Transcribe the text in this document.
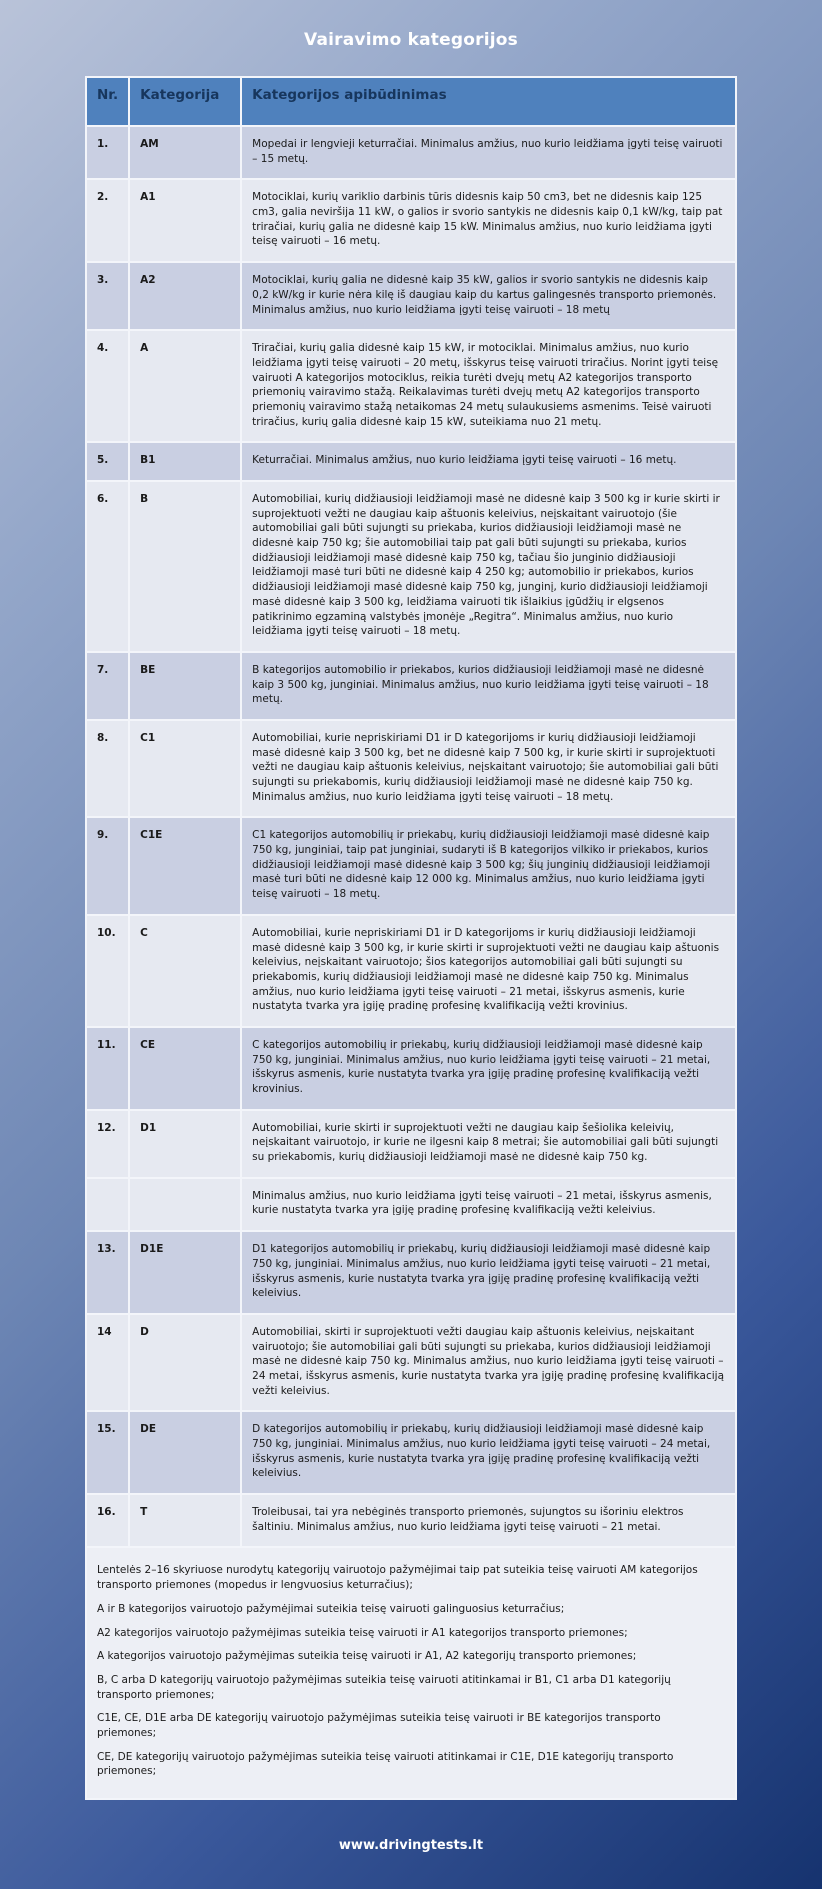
Vairavimo kategorijos
Nr.	Kategorija	Kategorijos apibūdinimas
1.	AM	Mopedai ir lengvieji keturračiai. Minimalus amžius, nuo kurio leidžiama įgyti teisę vairuoti – 15 metų.
2.	A1	Motociklai, kurių variklio darbinis tūris didesnis kaip 50 cm3, bet ne didesnis kaip 125 cm3, galia neviršija 11 kW, o galios ir svorio santykis ne didesnis kaip 0,1 kW/kg, taip pat triračiai, kurių galia ne didesnė kaip 15 kW. Minimalus amžius, nuo kurio leidžiama įgyti teisę vairuoti – 16 metų.
3.	A2	Motociklai, kurių galia ne didesnė kaip 35 kW, galios ir svorio santykis ne didesnis kaip 0,2 kW/kg ir kurie nėra kilę iš daugiau kaip du kartus galingesnės transporto priemonės. Minimalus amžius, nuo kurio leidžiama įgyti teisę vairuoti – 18 metų
4.	A	Triračiai, kurių galia didesnė kaip 15 kW, ir motociklai. Minimalus amžius, nuo kurio leidžiama įgyti teisę vairuoti – 20 metų, išskyrus teisę vairuoti triračius. Norint įgyti teisę vairuoti A kategorijos motociklus, reikia turėti dvejų metų A2 kategorijos transporto priemonių vairavimo stažą. Reikalavimas turėti dvejų metų A2 kategorijos transporto priemonių vairavimo stažą netaikomas 24 metų sulaukusiems asmenims. Teisė vairuoti triračius, kurių galia didesnė kaip 15 kW, suteikiama nuo 21 metų.
5.	B1	Keturračiai. Minimalus amžius, nuo kurio leidžiama įgyti teisę vairuoti – 16 metų.
6.	B	Automobiliai, kurių didžiausioji leidžiamoji masė ne didesnė kaip 3 500 kg ir kurie skirti ir suprojektuoti vežti ne daugiau kaip aštuonis keleivius, neįskaitant vairuotojo (šie automobiliai gali būti sujungti su priekaba, kurios didžiausioji leidžiamoji masė ne didesnė kaip 750 kg; šie automobiliai taip pat gali būti sujungti su priekaba, kurios didžiausioji leidžiamoji masė didesnė kaip 750 kg, tačiau šio junginio didžiausioji leidžiamoji masė turi būti ne didesnė kaip 4 250 kg; automobilio ir priekabos, kurios didžiausioji leidžiamoji masė didesnė kaip 750 kg, junginį, kurio didžiausioji leidžiamoji masė didesnė kaip 3 500 kg, leidžiama vairuoti tik išlaikius įgūdžių ir elgsenos patikrinimo egzaminą valstybės įmonėje „Regitra“. Minimalus amžius, nuo kurio leidžiama įgyti teisę vairuoti – 18 metų.
7.	BE	B kategorijos automobilio ir priekabos, kurios didžiausioji leidžiamoji masė ne didesnė kaip 3 500 kg, junginiai. Minimalus amžius, nuo kurio leidžiama įgyti teisę vairuoti – 18 metų.
8.	C1	Automobiliai, kurie nepriskiriami D1 ir D kategorijoms ir kurių didžiausioji leidžiamoji masė didesnė kaip 3 500 kg, bet ne didesnė kaip 7 500 kg, ir kurie skirti ir suprojektuoti vežti ne daugiau kaip aštuonis keleivius, neįskaitant vairuotojo; šie automobiliai gali būti sujungti su priekabomis, kurių didžiausioji leidžiamoji masė ne didesnė kaip 750 kg. Minimalus amžius, nuo kurio leidžiama įgyti teisę vairuoti – 18 metų.
9.	C1E	C1 kategorijos automobilių ir priekabų, kurių didžiausioji leidžiamoji masė didesnė kaip 750 kg, junginiai, taip pat junginiai, sudaryti iš B kategorijos vilkiko ir priekabos, kurios didžiausioji leidžiamoji masė didesnė kaip 3 500 kg; šių junginių didžiausioji leidžiamoji masė turi būti ne didesnė kaip 12 000 kg. Minimalus amžius, nuo kurio leidžiama įgyti teisę vairuoti – 18 metų.
10.	C	Automobiliai, kurie nepriskiriami D1 ir D kategorijoms ir kurių didžiausioji leidžiamoji masė didesnė kaip 3 500 kg, ir kurie skirti ir suprojektuoti vežti ne daugiau kaip aštuonis keleivius, neįskaitant vairuotojo; šios kategorijos automobiliai gali būti sujungti su priekabomis, kurių didžiausioji leidžiamoji masė ne didesnė kaip 750 kg. Minimalus amžius, nuo kurio leidžiama įgyti teisę vairuoti – 21 metai, išskyrus asmenis, kurie nustatyta tvarka yra įgiję pradinę profesinę kvalifikaciją vežti krovinius.
11.	CE	C kategorijos automobilių ir priekabų, kurių didžiausioji leidžiamoji masė didesnė kaip 750 kg, junginiai. Minimalus amžius, nuo kurio leidžiama įgyti teisę vairuoti – 21 metai, išskyrus asmenis, kurie nustatyta tvarka yra įgiję pradinę profesinę kvalifikaciją vežti krovinius.
12.	D1	Automobiliai, kurie skirti ir suprojektuoti vežti ne daugiau kaip šešiolika keleivių, neįskaitant vairuotojo, ir kurie ne ilgesni kaip 8 metrai; šie automobiliai gali būti sujungti su priekabomis, kurių didžiausioji leidžiamoji masė ne didesnė kaip 750 kg.
		Minimalus amžius, nuo kurio leidžiama įgyti teisę vairuoti – 21 metai, išskyrus asmenis, kurie nustatyta tvarka yra įgiję pradinę profesinę kvalifikaciją vežti keleivius.
13.	D1E	D1 kategorijos automobilių ir priekabų, kurių didžiausioji leidžiamoji masė didesnė kaip 750 kg, junginiai. Minimalus amžius, nuo kurio leidžiama įgyti teisę vairuoti – 21 metai, išskyrus asmenis, kurie nustatyta tvarka yra įgiję pradinę profesinę kvalifikaciją vežti keleivius.
14	D	Automobiliai, skirti ir suprojektuoti vežti daugiau kaip aštuonis keleivius, neįskaitant vairuotojo; šie automobiliai gali būti sujungti su priekaba, kurios didžiausioji leidžiamoji masė ne didesnė kaip 750 kg. Minimalus amžius, nuo kurio leidžiama įgyti teisę vairuoti – 24 metai, išskyrus asmenis, kurie nustatyta tvarka yra įgiję pradinę profesinę kvalifikaciją vežti keleivius.
15.	DE	D kategorijos automobilių ir priekabų, kurių didžiausioji leidžiamoji masė didesnė kaip 750 kg, junginiai. Minimalus amžius, nuo kurio leidžiama įgyti teisę vairuoti – 24 metai, išskyrus asmenis, kurie nustatyta tvarka yra įgiję pradinę profesinę kvalifikaciją vežti keleivius.
16.	T	Troleibusai, tai yra nebėginės transporto priemonės, sujungtos su išoriniu elektros šaltiniu. Minimalus amžius, nuo kurio leidžiama įgyti teisę vairuoti – 21 metai.

Lentelės 2–16 skyriuose nurodytų kategorijų vairuotojo pažymėjimai taip pat suteikia teisę vairuoti AM kategorijos transporto priemones (mopedus ir lengvuosius keturračius);

A ir B kategorijos vairuotojo pažymėjimai suteikia teisę vairuoti galinguosius keturračius;

A2 kategorijos vairuotojo pažymėjimas suteikia teisę vairuoti ir A1 kategorijos transporto priemones;

A kategorijos vairuotojo pažymėjimas suteikia teisę vairuoti ir A1, A2 kategorijų transporto priemones;

B, C arba D kategorijų vairuotojo pažymėjimas suteikia teisę vairuoti atitinkamai ir B1, C1 arba D1 kategorijų transporto priemones;

C1E, CE, D1E arba DE kategorijų vairuotojo pažymėjimas suteikia teisę vairuoti ir BE kategorijos transporto priemones;

CE, DE kategorijų vairuotojo pažymėjimas suteikia teisę vairuoti atitinkamai ir C1E, D1E kategorijų transporto priemones;

www.drivingtests.lt
